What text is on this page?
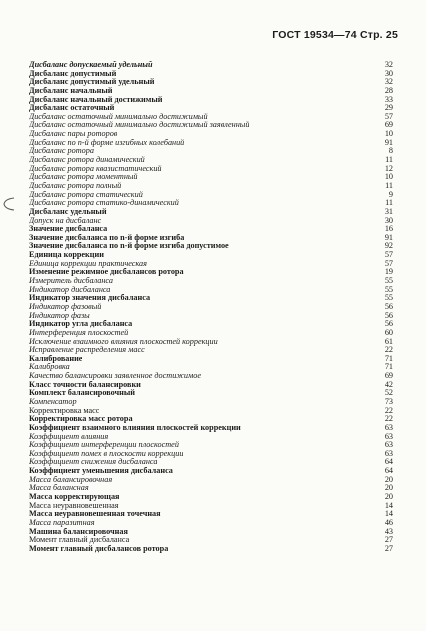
ГОСТ 19534—74 Стр. 25
Дисбаланс допускаемый удельный	32
Дисбаланс допустимый	30
Дисбаланс допустимый удельный	32
Дисбаланс начальный	28
Дисбаланс начальный достижимый	33
Дисбаланс остаточный	29
Дисбаланс остаточный минимально достижимый	57
Дисбаланс остаточный минимально достижимый заявленный	69
Дисбаланс пары роторов	10
Дисбаланс по n-й форме изгибных колебаний	91
Дисбаланс ротора	8
Дисбаланс ротора динамический	11
Дисбаланс ротора квазистатический	12
Дисбаланс ротора моментный	10
Дисбаланс ротора полный	11
Дисбаланс ротора статический	9
Дисбаланс ротора статико-динамический	11
Дисбаланс удельный	31
Допуск на дисбаланс	30
Значение дисбаланса	16
Значение дисбаланса по n-й форме изгиба	91
Значение дисбаланса по n-й форме изгиба допустимое	92
Единица коррекции	57
Единица коррекции практическая	57
Изменение режимное дисбалансов ротора	19
Измеритель дисбаланса	55
Индикатор дисбаланса	55
Индикатор значения дисбаланса	55
Индикатор фазовый	56
Индикатор фазы	56
Индикатор угла дисбаланса	56
Интерференция плоскостей	60
Исключение взаимного влияния плоскостей коррекции	61
Исправление распределения масс	22
Калибрование	71
Калибровка	71
Качество балансировки заявленное достижимое	69
Класс точности балансировки	42
Комплект балансировочный	52
Компенсатор	73
Корректировка масс	22
Корректировка масс ротора	22
Коэффициент взаимного влияния плоскостей коррекции	63
Коэффициент влияния	63
Коэффициент интерференции плоскостей	63
Коэффициент помех в плоскости коррекции	63
Коэффициент снижения дисбаланса	64
Коэффициент уменьшения дисбаланса	64
Масса балансировочная	20
Масса балансная	20
Масса корректирующая	20
Масса неуравновешенная	14
Масса неуравновешенная точечная	14
Масса паразитная	46
Машина балансировочная	43
Момент главный дисбаланса	27
Момент главный дисбалансов ротора	27
